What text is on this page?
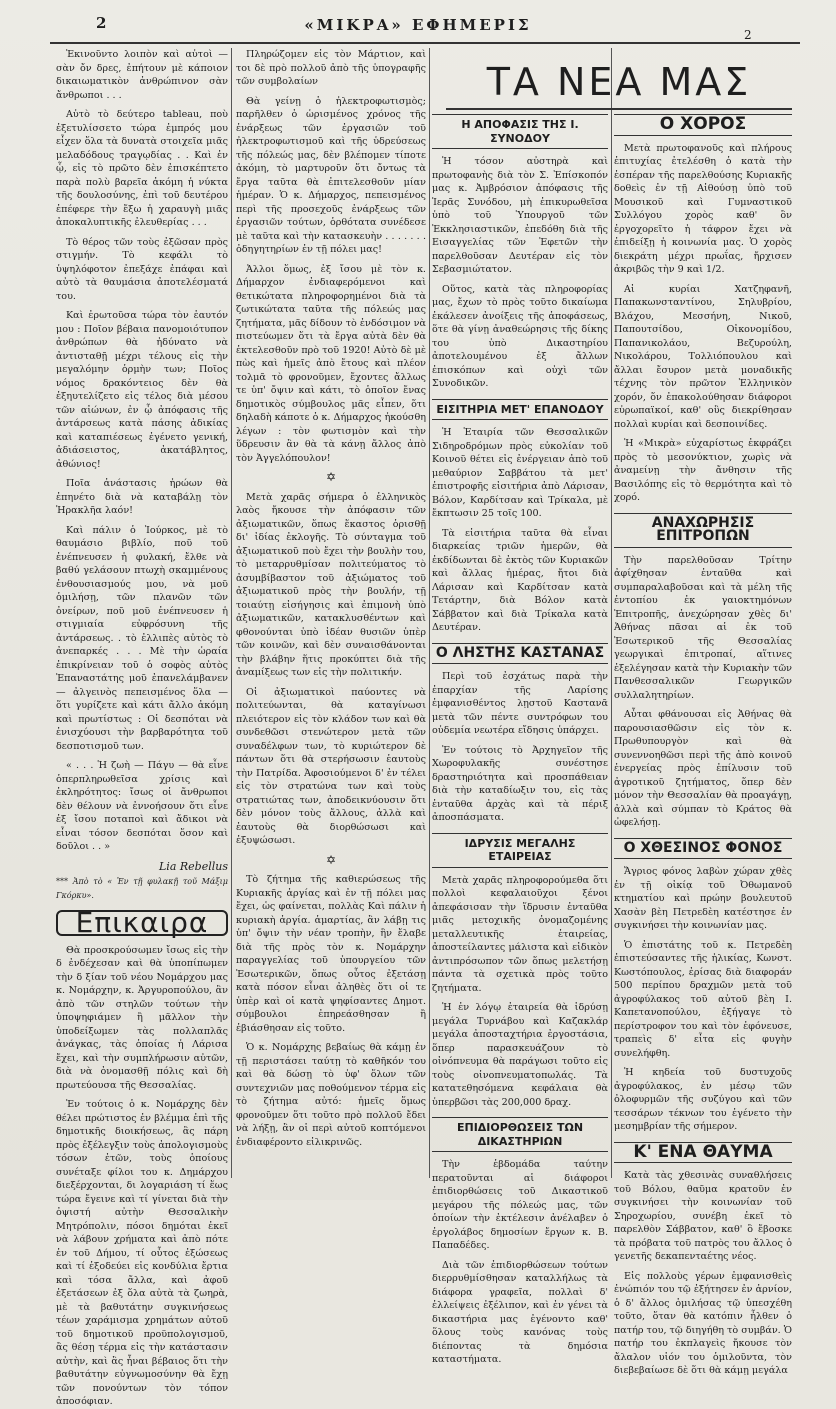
2	«ΜΙΚΡΑ» ΕΦΗΜΕΡΙΣ
2

Ἐκινοῦντο λοιπὸν καὶ αὐτοὶ — σὰν ὄν δρες, ἐπήτουν μὲ κάποιον δικαιωματικὸν ἀνθρώπινον σὰν ἄνθρωποι . . .

Αὐτὸ τὸ δεύτερο tableau, ποὺ ἐξετυλίσσετο τώρα ἐμπρός μου εἶχεν ὅλα τὰ δυνατὰ στοιχεῖα μιᾶς μελαδόδους τραγῳδίας . . Καὶ ἐν ᾧ, εἰς τὸ πρῶτο δὲν ἐπισκέπτετο παρὰ πολὺ βαρεῖα ἀκόμη ἡ νύκτα τῆς δουλοσύνης, ἐπὶ τοῦ δευτέρου ἐπέφερε τὴν ἔξω ἡ χαραυγὴ μιᾶς ἀποκαλυπτικῆς ἐλευθερίας . . .

Τὸ θέρος τῶν τοὺς ἐξῶσαν πρὸς στιγμήν. Τὸ κεφάλι τὸ ὑψηλόφοτον ἐπεξάχε ἐπάφαι καὶ αὐτὸ τὰ θαυμάσια ἀποτελέσματά του.

Καὶ ἐρωτοῦσα τώρα τὸν ἑαυτόν μου : Ποῖον βέβαια πανομοιότυπον ἀνθρώπων θὰ ἠδύνατο νὰ ἀντισταθῇ μέχρι τέλους εἰς τὴν μεγαλόμην ὁρμὴν των; Ποῖος νόμος δρακόντειος δὲν θὰ ἐξηυτελίζετο εἰς τέλος διὰ μέσου τῶν αἰώνων, ἐν ᾧ ἀπόφασις τῆς ἀντάρσεως κατὰ πάσης ἀδικίας καὶ καταπιέσεως ἐγένετο γενική, ἀδιάσειστος, ἀκατάβλητος, ἀθώνιος!

Ποῖα ἀνάστασις ἠρώων θὰ ἐπηνέτο διὰ νὰ καταβάλῃ τὸν Ἡρακλῆα λαόν!

Καὶ πάλιν ὁ Ἰούρκος, μὲ τὸ θαυμάσιο βιβλίο, ποῦ τοῦ ἐνέπνευσεν ἡ φυλακή, ἔλθε νὰ βαθύ γελάσουν πτωχὴ σκαμμένους ἐνθουσιασμούς μου, νὰ μοῦ ὁμιλήσῃ, τῶν πλανῶν τῶν ὀνείρων, ποῦ μοῦ ἐνέπνευσεν ἡ στιγμιαία εὐφρόσυνη τῆς ἀντάρσεως. . τὸ ἐλλιπὲς αὐτὸς τὸ ἀνεπαρκές . . . Μὲ τὴν ὡραία ἐπικρίνειαν τοῦ ὁ σοφὸς αὐτὸς Ἐπαναστάτης μοῦ ἐπανελάμβανεν — ἀλγεινὸς πεπεισμένος ὅλα — ὅτι γυρίζετε καὶ κάτι ἄλλο ἀκόμη καὶ πρωτίστως : Οἱ δεσπόται νὰ ἐνισχύουσι τὴν βαρβαρότητα τοῦ δεσποτισμοῦ των.

« . . . Ἡ ζωὴ — Πάγυ — θὰ εἶνε ὁπερπληρωθεῖσα χρίσις καὶ ἐκληρότητος: ἴσως οἱ ἄνθρωποι δὲν θέλουν νὰ ἐννοήσουν ὅτι εἶνε ἐξ ἴσου ποταποὶ καὶ ἄδικοι νὰ εἶναι τόσον δεσπόται ὅσον καὶ δοῦλοι . . »

Lia Rebellus
*** Ἀπὸ τὸ « Ἐν τῇ φυλακῇ τοῦ Μάξιμ Γκόρκυ».
Επικαιρα

Θὰ προσκρούσωμεν ἴσως εἰς τὴν δ ἐνδέχεσαν καὶ θὰ ὑποπίπωμεν τὴν δ ξίαν τοῦ νέου Νομάρχου μας κ. Νομάρχην, κ. Ἀργυροπούλου, ἂν ἀπὸ τῶν στηλῶν τούτων τὴν ὑποψηφιάμεν ἢ μᾶλλον τὴν ὑποδείξωμεν τὰς πολλαπλᾶς ἀνάγκας, τὰς ὁποίας ἡ Λάρισα ἔχει, καὶ τὴν συμπλήρωσιν αὐτῶν, διὰ νὰ ὀνομασθῇ πόλις καὶ δὴ πρωτεύουσα τῆς Θεσσαλίας.

Ἐν τούτοις ὁ κ. Νομάρχης δὲν θέλει πρώτιστος ἐν βλέμμα ἐπὶ τῆς δημοτικῆς διοικήσεως, ἂς πάρη πρὸς ἐξέλεγξιν τοὺς ἀπολογισμοὺς τόσων ἐτῶν, τοὺς ὁποίους συνέταξε φίλοι του κ. Δημάρχου διεξέρχονται, δι λογαριάση τί ἕως τώρα ἔγεινε καὶ τί γίνεται διὰ τὴν ὀψιστή αὐτὴν Θεσσαλικὴν Μητρόπολιν, πόσοι δημόται ἐκεῖ νὰ λάβουν χρήματα καὶ ἀπὸ πότε ἐν τοῦ Δήμου, τί οὗτος ἐξώσεως καὶ τί ἐξοδεύει εἰς κονδύλια ἔρτια καὶ τόσα ἄλλα, καὶ ἀφοῦ ἐξετάσεων ἐξ ὅλα αὐτὰ τὰ ζωηρὰ, μὲ τὰ βαθυτάτην συγκινήσεως τέων χαράμισμα χρημάτων αὐτοῦ τοῦ δημοτικοῦ προϋπολογισμοῦ, ἂς θέσῃ τέρμα εἰς τὴν κατάστασιν αὐτὴν, καὶ ἂς ἦναι βέβαιος ὅτι τὴν βαθυτάτην εὐγνωμοσύνην θὰ ἔχῃ τῶν πονούντων τὸν τόπον ἀποσόφιαν.

Πληρώζομεν εἰς τὸν Μάρτιον, καὶ τοι δὲ πρὸ πολλοῦ ἀπὸ τῆς ὑπογραφῆς τῶν συμβολαίων

Θὰ γείνῃ ὁ ἠλεκτροφωτισμὸς; παρῆλθεν ὁ ὡρισμένος χρόνος τῆς ἐνάρξεως τῶν ἐργασιῶν τοῦ ἠλεκτροφωτισμοῦ καὶ τῆς ὑδρεύσεως τῆς πόλεώς μας, δὲν βλέπομεν τίποτε ἀκόμη, τὸ μαρτυροῦν ὅτι ὄντως τὰ ἔργα ταῦτα θὰ ἐπιτελεσθοῦν μίαν ἡμέραν. Ὁ κ. Δήμαρχος, πεπεισμένος περὶ τῆς προσεχοῦς ἐνάρξεως τῶν ἐργασιῶν τούτων, ὁρθότατα συνέδεσε μὲ ταῦτα καὶ τὴν κατασκευὴν . . . . . . . ὀδηγητηρίων ἐν τῇ πόλει μας!

Ἀλλοι ὅμως, ἐξ ἴσου μὲ τὸν κ. Δήμαρχον ἐνδιαφερόμενοι καὶ θετικώτατα πληροφορημένοι διὰ τὰ ζωτικώτατα ταῦτα τῆς πόλεώς μας ζητήματα, μᾶς δίδουν τὸ ἐνδόσιμον νὰ πιστεύωμεν ὅτι τὰ ἔργα αὐτὰ δὲν θὰ ἐκτελεσθοῦν πρὸ τοῦ 1920! Αὐτὸ δὲ μὲ πὼς καὶ ἡμεῖς ἀπὸ ἔτους καὶ πλέον τολμᾶ τὸ φρονοῦμεν, ἔχοντες ἄλλως τε ὑπ' ὄψιν καὶ κάτι, τὸ ὁποῖον ἔνας δημοτικὸς σύμβουλος μᾶς εἶπεν, ὅτι δηλαδὴ κάποτε ὁ κ. Δήμαρχος ἠκούσθη λέγων : τὸν φωτισμὸν καὶ τὴν ὕδρευσιν ἂν θὰ τὰ κάνῃ ἄλλος ἀπὸ τὸν Ἀγγελόπουλον!

✡

Μετὰ χαρᾶς σήμερα ὁ ἑλληνικὸς λαὸς ἤκουσε τὴν ἀπόφασιν τῶν ἀξιωματικῶν, ὅπως ἕκαστος ὁρισθῇ δι' ἰδίας ἐκλογῆς. Τὸ σύνταγμα τοῦ ἀξιωματικοῦ ποὺ ἔχει τὴν βουλὴν του, τὸ μεταρρυθμίσαν πολιτεύματος τὸ ἀσυμβίβαστον τοῦ ἀξιώματος τοῦ ἀξιωματικοῦ πρὸς τὴν βουλήν, τῇ τοιαύτῃ εἰσήγησις καὶ ἐπιμονὴ ὑπὸ ἀξιωματικῶν, κατακλυσθέντων καὶ φθονούνται ὑπὸ ἰδέαν θυσιῶν ὑπὲρ τῶν κοινῶν, καὶ δὲν συναισθάνονται τὴν βλάβην ἥτις προκύπτει διὰ τῆς ἀναμίξεως των εἰς τὴν πολιτικήν.

Οἱ ἀξιωματικοὶ παύοντες νὰ πολιτεύωνται, θὰ καταγίνωσι πλειότερον εἰς τὸν κλάδον των καὶ θὰ συνδεθῶσι στενώτερον μετὰ τῶν συναδέλφων των, τὸ κυριώτερον δὲ πάντων ὅτι θὰ στερήσωσιν ἑαυτοὺς τὴν Πατρίδα. Ἀφοσιούμενοι δ' ἐν τέλει εἰς τὸν στρατώνα των καὶ τοὺς στρατιώτας των, ἀποδεικνύουσιν ὅτι δὲν μόνον τοὺς ἄλλους, ἀλλὰ καὶ ἑαυτοὺς θὰ διορθώσωσι καὶ ἐξυψώσωσι.

✡

Τὸ ζήτημα τῆς καθιερώσεως τῆς Κυριακῆς ἀργίας καὶ ἐν τῇ πόλει μας ἔχει, ὡς φαίνεται, πολλὰς Καὶ πάλιν ἡ κυριακὴ ἀργία. ἁμαρτίας, ἂν λάβῃ τις ὑπ' ὄψιν τὴν νέαν τροπὴν, ἣν ἔλαβε διὰ τῆς πρὸς τὸν κ. Νομάρχην παραγγελίας τοῦ ὑπουργείου τῶν Ἐσωτερικῶν, ὅπως οὗτος ἐξετάσῃ κατὰ πόσον εἶναι ἀληθὲς ὅτι οἱ τε ὑπὲρ καὶ οἱ κατὰ ψηφίσαντες Δημοτ. σύμβουλοι ἐπηρεάσθησαν ἢ ἐβιάσθησαν εἰς τοῦτο.

Ὁ κ. Νομάρχης βεβαίως θὰ κάμῃ ἐν τῇ περιστάσει ταύτῃ τὸ καθῆκόν του καὶ θὰ δώσῃ τὸ ὑφ' ὅλων τῶν συντεχνιῶν μας ποθούμενον τέρμα εἰς τὸ ζήτημα αὐτό: ἡμεῖς ὅμως φρονοῦμεν ὅτι τοῦτο πρὸ πολλοῦ ἔδει νὰ λήξῃ, ἂν οἱ περὶ αὐτοῦ κοπτόμενοι ἐνδιαφέροντο εἰλικρινῶς.

ΤΑ ΝΕΑ ΜΑΣ
Η ΑΠΟΦΑΣΙΣ ΤΗΣ Ι. ΣΥΝΟΔΟΥ

Ἡ τόσον αὐστηρὰ καὶ πρωτοφανὴς διὰ τὸν Σ. Ἐπίσκοπόν μας κ. Ἀμβρόσιον ἀπόφασις τῆς Ἱερᾶς Συνόδου, μὴ ἐπικυρωθεῖσα ὑπὸ τοῦ Ὑπουργοῦ τῶν Ἐκκλησιαστικῶν, ἐπεδόθη διὰ τῆς Εισαγγελίας τῶν Ἐφετῶν τὴν παρελθοῦσαν Δευτέραν εἰς τὸν Σεβασμιώτατον.

Οὕτος, κατὰ τὰς πληροφορίας μας, ἔχων τὸ πρὸς τοῦτο δικαίωμα ἐκάλεσεν ἀνοίξεις τῆς ἀποφάσεως, ὅτε θὰ γίνῃ ἀναθεώρησις τῆς δίκης του ὑπὸ Δικαστηρίου ἀποτελουμένου ἐξ ἄλλων ἐπισκόπων καὶ οὐχὶ τῶν Συνοδικῶν.

ΕΙΣΙΤΗΡΙΑ ΜΕΤ' ΕΠΑΝΟΔΟΥ

Ἡ Ἑταιρία τῶν Θεσσαλικῶν Σιδηροδρόμων πρὸς εὐκολίαν τοῦ Κοινοῦ θέτει εἰς ἐνέργειαν ἀπὸ τοῦ μεθαύριον Σαββάτου τὰ μετ' ἐπιστροφῆς εἰσιτήρια ἀπὸ Λάρισαν, Βόλον, Καρδίτσαν καὶ Τρίκαλα, μὲ ἔκπτωσιν 25 τοῖς 100.

Τὰ εἰσιτήρια ταῦτα θὰ εἶναι διαρκείας τριῶν ἡμερῶν, θὰ ἐκδίδωνται δὲ ἐκτὸς τῶν Κυριακῶν καὶ ἄλλας ἡμέρας, ἤτοι διὰ Λάρισαν καὶ Καρδίτσαν κατὰ Τετάρτην, διὰ Βόλον κατὰ Σάββατον καὶ διὰ Τρίκαλα κατὰ Δευτέραν.

Ο ΛΗΣΤΗΣ ΚΑΣΤΑΝΑΣ

Περὶ τοῦ ἐσχάτως παρὰ τὴν ἐπαρχίαν τῆς Λαρίσης ἐμφανισθέντος λῃστοῦ Καστανᾶ μετὰ τῶν πέντε συντρόφων του οὐδεμία νεωτέρα εἴδησις ὑπάρχει.

Ἐν τούτοις τὸ Ἀρχηγεῖον τῆς Χωροφυλακῆς συνέστησε δραστηριότητα καὶ προσπάθειαν διὰ τὴν καταδίωξιν του, εἰς τὰς ἐνταῦθα ἀρχὰς καὶ τὰ πέριξ ἀποσπάσματα.

ΙΔΡΥΣΙΣ ΜΕΓΑΛΗΣ ΕΤΑΙΡΕΙΑΣ

Μετὰ χαρᾶς πληροφορούμεθα ὅτι πολλοὶ κεφαλαιοῦχοι ξένοι ἀπεφάσισαν τὴν ἵδρυσιν ἐνταῦθα μιᾶς μετοχικῆς ὀνομαζομένης μεταλλευτικῆς ἑταιρείας, ἀποστείλαντες μάλιστα καὶ εἰδικὸν ἀντιπρόσωπον τῶν ὅπως μελετήσῃ πάντα τὰ σχετικὰ πρὸς τοῦτο ζητήματα.

Ἡ ἐν λόγῳ ἑταιρεία θὰ ἱδρύσῃ μεγάλα Τυρνάβου καὶ Καζακλάρ μεγάλα ἀποσταχτήρια ἐργοστάσια, ὅπερ παρασκευάζουν τὸ οἰνόπνευμα θὰ παράγωσι τοῦτο εἰς τοὺς οἰνοπνευματοπωλάς. Τὰ κατατεθησόμενα κεφάλαια θὰ ὑπερβῶσι τὰς 200,000 δραχ.

ΕΠΙΔΙΟΡΘΩΣΕΙΣ ΤΩΝ ΔΙΚΑΣΤΗΡΙΩΝ

Τὴν ἑβδομάδα ταύτην περατοῦνται αἱ διάφοροι ἐπιδιορθώσεις τοῦ Δικαστικοῦ μεγάρου τῆς πόλεώς μας, τῶν ὁποίων τὴν ἐκτέλεσιν ἀνέλαβεν ὁ ἐργολάβος δημοσίων ἔργων κ. Β. Παπαδέδες.

Διὰ τῶν ἐπιδιορθώσεων τούτων διερρυθμίσθησαν καταλλήλως τὰ διάφορα γραφεῖα, πολλαὶ δ' ἐλλείψεις ἐξέλιπον, καὶ ἐν γένει τὰ δικαστήρια μας ἐγένοντο καθ' ὅλους τοὺς κανόνας τοὺς διέποντας τὰ δημόσια καταστήματα.

Ο ΧΟΡΟΣ

Μετὰ πρωτοφανοῦς καὶ πλήρους ἐπιτυχίας ἐτελέσθη ὁ κατὰ τὴν ἑσπέραν τῆς παρελθούσης Κυριακῆς δοθεὶς ἐν τῇ Αἰθούσῃ ὑπὸ τοῦ Μουσικοῦ καὶ Γυμναστικοῦ Συλλόγου χορὸς καθ' ὃν ἐργοχορεῖτο ἡ τάφρον ἔχει νὰ ἐπιδείξῃ ἡ κοινωνία μας. Ὁ χορὸς διεκράτη μέχρι πρωΐας, ἤρχισεν ἀκριβῶς τὴν 9 καὶ 1/2.

Αἱ κυρίαι Χατζηφανῆ, Παπακωνσταντίνου, Σηλυβρίου, Βλάχου, Μεσσήνη, Νικοῦ, Παπουτσίδου, Οἰκονομίδου, Παπανικολάου, Βεζυρούλη, Νικολάρου, Τολλιόπουλου καὶ ἄλλαι ἔσυρον μετὰ μοναδικῆς τέχνης τὸν πρῶτον Ἑλληνικὸν χορόν, ὅν ἐπακολούθησαν διάφοροι εὐρωπαϊκοί, καθ' οὓς διεκρίθησαν πολλαὶ κυρίαι καὶ δεσποινίδες.

Ἡ «Μικρὰ» εὐχαρίστως ἐκφράζει πρὸς τὸ μεσονύκτιον, χωρὶς νὰ ἀναμείνῃ τὴν ἄνθησιν τῆς Βασιλόπης εἰς τὸ θερμότητα καὶ τὸ χορό.

ΑΝΑΧΩΡΗΣΙΣ ΕΠΙΤΡΟΠΩΝ

Τὴν παρελθοῦσαν Τρίτην ἀφίχθησαν ἐνταῦθα καὶ συμπαραλαβοῦσαι καὶ τὰ μέλη τῆς ἐντοπίου ἐκ γαιοκτημόνων Ἐπιτροπῆς, ἀνεχώρησαν χθὲς δι' Ἀθήνας πᾶσαι αἱ ἐκ τοῦ Ἐσωτερικοῦ τῆς Θεσσαλίας γεωργικαὶ ἐπιτροπαί, αἵτινες ἐξελέγησαν κατὰ τὴν Κυριακὴν τῶν Πανθεσσαλικῶν Γεωργικῶν συλλαλητηρίων.

Αὗται φθάνουσαι εἰς Ἀθήνας θὰ παρουσιασθῶσιν εἰς τὸν κ. Πρωθυπουργὸν καὶ θὰ συνεννοηθῶσι περὶ τῆς ἀπὸ κοινοῦ ἐνεργείας πρὸς ἐπίλυσιν τοῦ ἀγροτικοῦ ζητήματος, ὅπερ δὲν μόνον τὴν Θεσσαλίαν θὰ προαγάγῃ, ἀλλὰ καὶ σύμπαν τὸ Κράτος θὰ ὠφελήσῃ.

Ο ΧΘΕΣΙΝΟΣ ΦΟΝΟΣ

Ἄγριος φόνος λαβὼν χώραν χθὲς ἐν τῇ οἰκίᾳ τοῦ Ὀθωμανοῦ κτηματίου καὶ πρώην βουλευτοῦ Χασὰν βὲη Πετρεδὲη κατέστησε ἐν συγκινήσει τὴν κοινωνίαν μας.

Ὁ ἐπιστάτης τοῦ κ. Πετρεδὲη ἐπιστεύσαντες τῆς ἡλικίας, Κωνστ. Κωστόπουλος, ἐρίσας διὰ διαφοράν 500 περίπου δραχμῶν μετὰ τοῦ ἀγροφύλακος τοῦ αὐτοῦ βὲη Ι. Καπετανοπούλου, ἐξήγαγε τὸ περίστροφον του καὶ τὸν ἐφόνευσε, τραπεὶς δ' εἶτα εἰς φυγὴν συνελήφθη.

Ἡ κηδεία τοῦ δυστυχοῦς ἀγροφύλακος, ἐν μέσῳ τῶν ὀλοφυρμῶν τῆς συζύγου καὶ τῶν τεσσάρων τέκνων του ἐγένετο τὴν μεσημβρίαν τῆς σήμερον.

Κ' ΕΝΑ ΘΑΥΜΑ

Κατὰ τὰς χθεσινὰς συναθλήσεις τοῦ Βόλου, θαῦμα κρατοῦν ἐν συγκινήσει τὴν κοινωνίαν τοῦ Σηροχωρίου, συνέβη ἐκεῖ τὸ παρελθὸν Σάββατον, καθ' ὃ ἔβοσκε τὰ πρόβατα τοῦ πατρὸς του ἄλλος ὁ γενετῆς δεκαπενταέτης νέος.

Εἰς πολλοὺς γέρων ἐμφανισθεὶς ἐνώπιόν του τῷ ἐξήτησεν ἐν ἀρνίον, ὁ δ' ἄλλος ὁμιλήσας τῷ ὑπεσχέθη τοῦτο, ὅταν θὰ κατόπιν ἦλθεν ὁ πατήρ του, τῷ διηγήθη τὸ συμβάν. Ὁ πατήρ του ἐκπλαγεὶς ἤκουσε τὸν ἄλαλον υἱόν του ὁμιλοῦντα, τὸν διεβεβαίωσε δὲ ὅτι θὰ κάμῃ μεγάλα
